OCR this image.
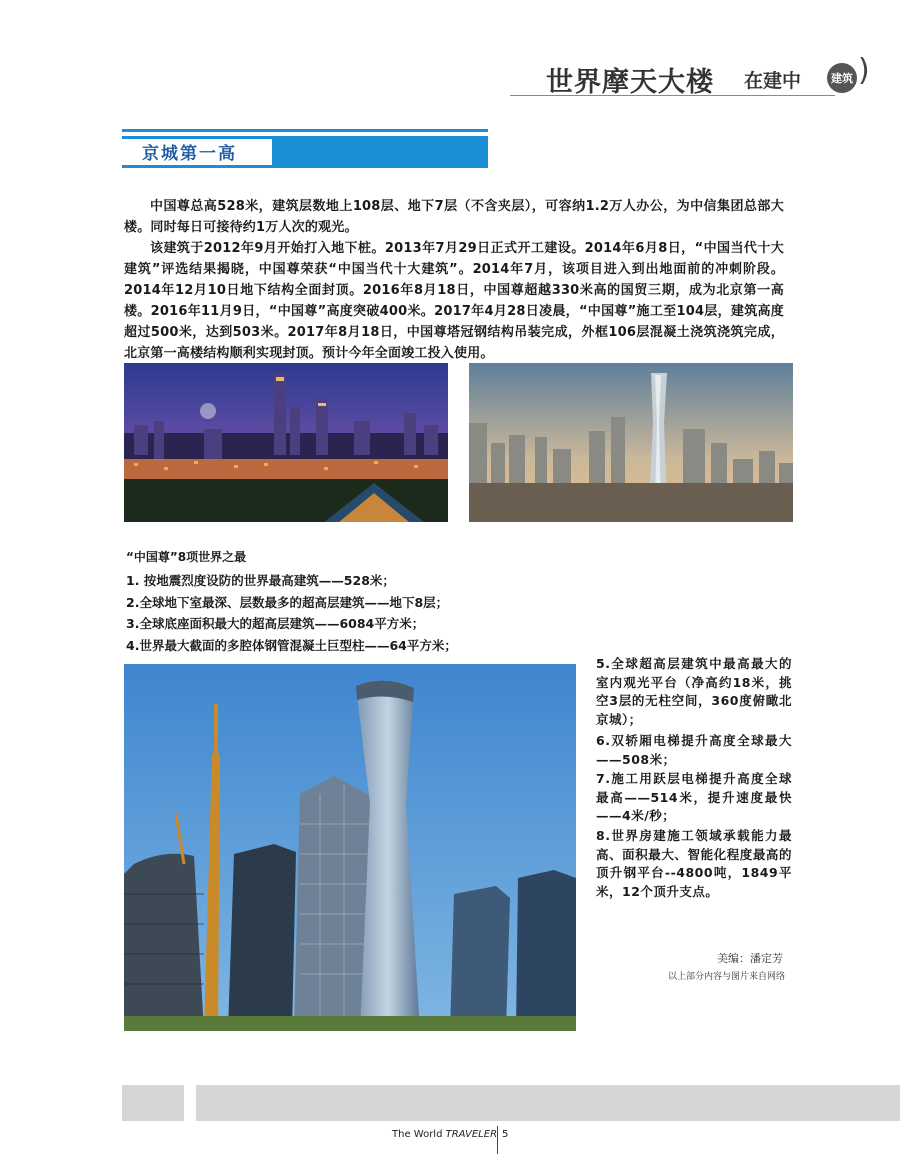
世界摩天大楼 在建中	建筑 )
京城第一高
中国尊总高528米，建筑层数地上108层、地下7层（不含夹层），可容纳1.2万人办公，为中信集团总部大楼。同时每日可接待约1万人次的观光。
该建筑于2012年9月开始打入地下桩。2013年7月29日正式开工建设。2014年6月8日，“中国当代十大建筑”评选结果揭晓，中国尊荣获“中国当代十大建筑”。2014年7月，该项目进入到出地面前的冲刺阶段。2014年12月10日地下结构全面封顶。2016年8月18日，中国尊超越330米高的国贸三期，成为北京第一高楼。2016年11月9日，“中国尊”高度突破400米。2017年4月28日凌晨，“中国尊”施工至104层，建筑高度超过500米，达到503米。2017年8月18日，中国尊塔冠钢结构吊装完成，外框106层混凝土浇筑浇筑完成，北京第一高楼结构顺利实现封顶。预计今年全面竣工投入使用。
“中国尊”8项世界之最
1. 按地震烈度设防的世界最高建筑——528米；
2.全球地下室最深、层数最多的超高层建筑——地下8层；
3.全球底座面积最大的超高层建筑——6084平方米；
4.世界最大截面的多腔体钢管混凝土巨型柱——64平方米；
5.全球超高层建筑中最高最大的室内观光平台（净高约18米，挑空3层的无柱空间，360度俯瞰北京城）；
6.双轿厢电梯提升高度全球最大——508米；
7.施工用跃层电梯提升高度全球最高——514米，提升速度最快——4米/秒；
8.世界房建施工领域承载能力最高、面积最大、智能化程度最高的顶升钢平台--4800吨，1849平米，12个顶升支点。
美编：潘定芳
以上部分内容与图片来自网络
The World TRAVELER 5
